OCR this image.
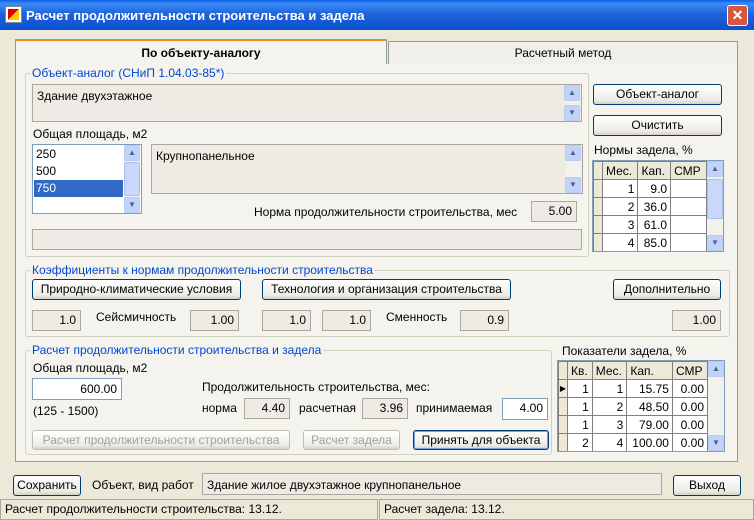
Расчет продолжительности строительства и задела	✕
По объекту-аналогу	Расчетный метод
Объект-аналог (СНиП 1.04.03-85*)
Здание двухэтажное	▲
▼
Общая площадь, м2
250
500
750
▲
▼
Крупнопанельное	▲
▼
Норма продолжительности строительства, мес	5.00
Объект-аналог
Очистить
Нормы задела, %
	Мес.	Кап.	СМР
	1	9.0	
	2	36.0	
	3	61.0	
	4	85.0	
▲
▼
Коэффициенты к нормам продолжительности строительства
Природно-климатические условия	Технология и организация строительства	Дополнительно
1.0	Сейсмичность	1.00	1.0	1.0	Сменность	0.9	1.00
Расчет продолжительности строительства и задела
Общая площадь, м2
600.00
(125 - 1500)
Продолжительность строительства, мес:
норма	4.40	расчетная	3.96	принимаемая	4.00
Расчет продолжительности строительства	Расчет задела	Принять для объекта
Показатели задела, %
	Кв.	Мес.	Кап.	СМР
▶	1	1	15.75	0.00
	1	2	48.50	0.00
	1	3	79.00	0.00
	2	4	100.00	0.00
▲
▼
Сохранить	Объект, вид работ	Здание жилое двухэтажное крупнопанельное	Выход
Расчет продолжительности строительства: 13.12.	Расчет задела: 13.12.
